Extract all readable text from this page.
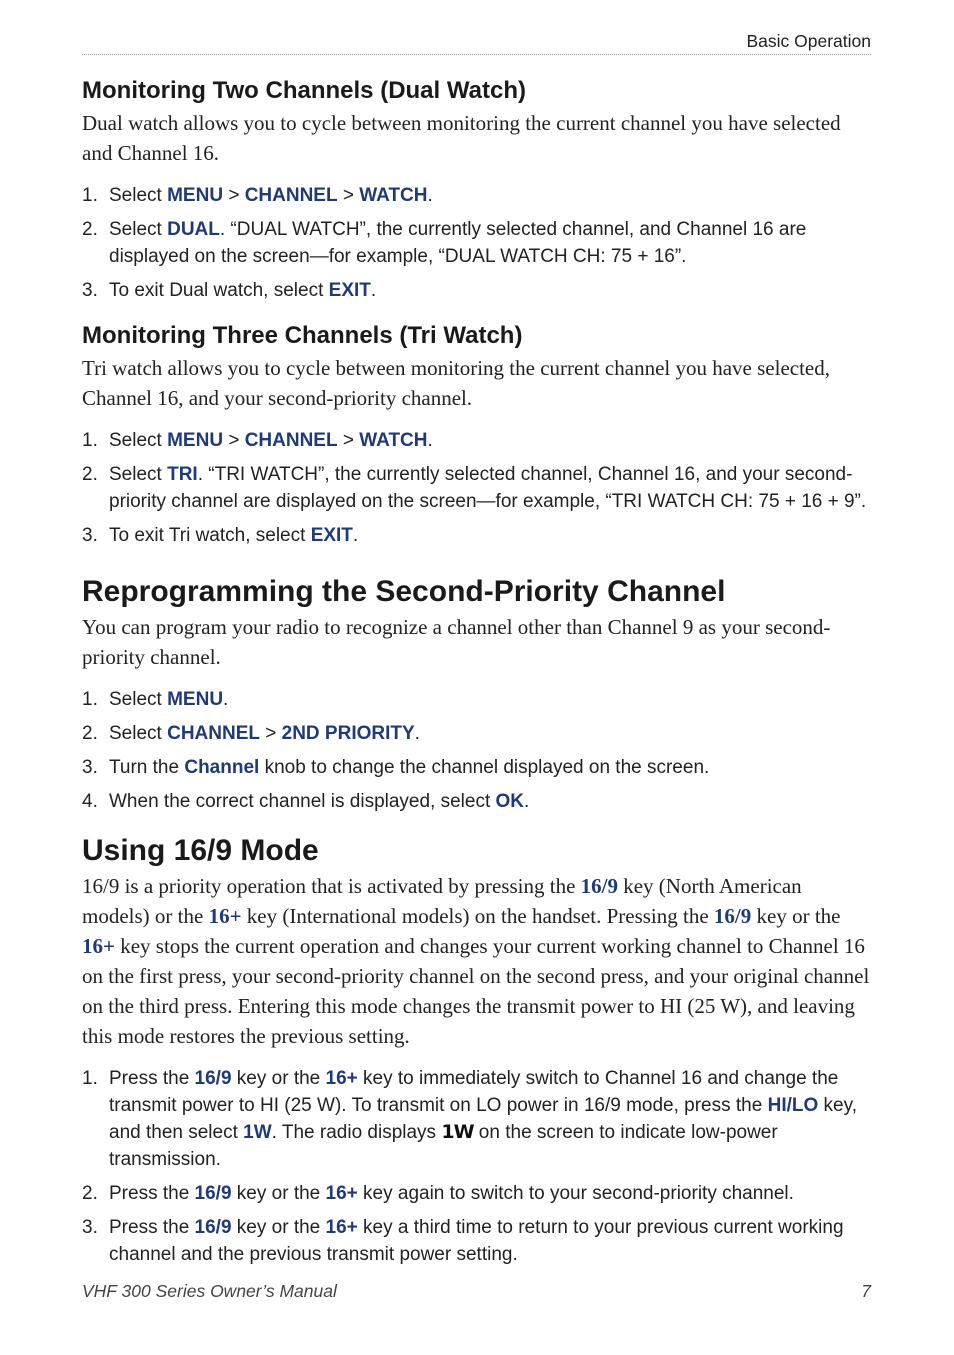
Basic Operation
Monitoring Two Channels (Dual Watch)

Dual watch allows you to cycle between monitoring the current channel you have selected and Channel 16.

1. Select MENU > CHANNEL > WATCH.
2. Select DUAL. “DUAL WATCH”, the currently selected channel, and Channel 16 are displayed on the screen—for example, “DUAL WATCH CH: 75 + 16”.
3. To exit Dual watch, select EXIT.
Monitoring Three Channels (Tri Watch)

Tri watch allows you to cycle between monitoring the current channel you have selected, Channel 16, and your second-priority channel.

1. Select MENU > CHANNEL > WATCH.
2. Select TRI. “TRI WATCH”, the currently selected channel, Channel 16, and your second-priority channel are displayed on the screen—for example, “TRI WATCH CH: 75 + 16 + 9”.
3. To exit Tri watch, select EXIT.
Reprogramming the Second-Priority Channel

You can program your radio to recognize a channel other than Channel 9 as your second-priority channel.

1. Select MENU.
2. Select CHANNEL > 2ND PRIORITY.
3. Turn the Channel knob to change the channel displayed on the screen.
4. When the correct channel is displayed, select OK.
Using 16/9 Mode

16/9 is a priority operation that is activated by pressing the 16/9 key (North American models) or the 16+ key (International models) on the handset. Pressing the 16/9 key or the 16+ key stops the current operation and changes your current working channel to Channel 16 on the first press, your second-priority channel on the second press, and your original channel on the third press. Entering this mode changes the transmit power to HI (25 W), and leaving this mode restores the previous setting.

1. Press the 16/9 key or the 16+ key to immediately switch to Channel 16 and change the transmit power to HI (25 W). To transmit on LO power in 16/9 mode, press the HI/LO key, and then select 1W. The radio displays 1W on the screen to indicate low-power transmission.
2. Press the 16/9 key or the 16+ key again to switch to your second-priority channel.
3. Press the 16/9 key or the 16+ key a third time to return to your previous current working channel and the previous transmit power setting.
VHF 300 Series Owner’s Manual	7
